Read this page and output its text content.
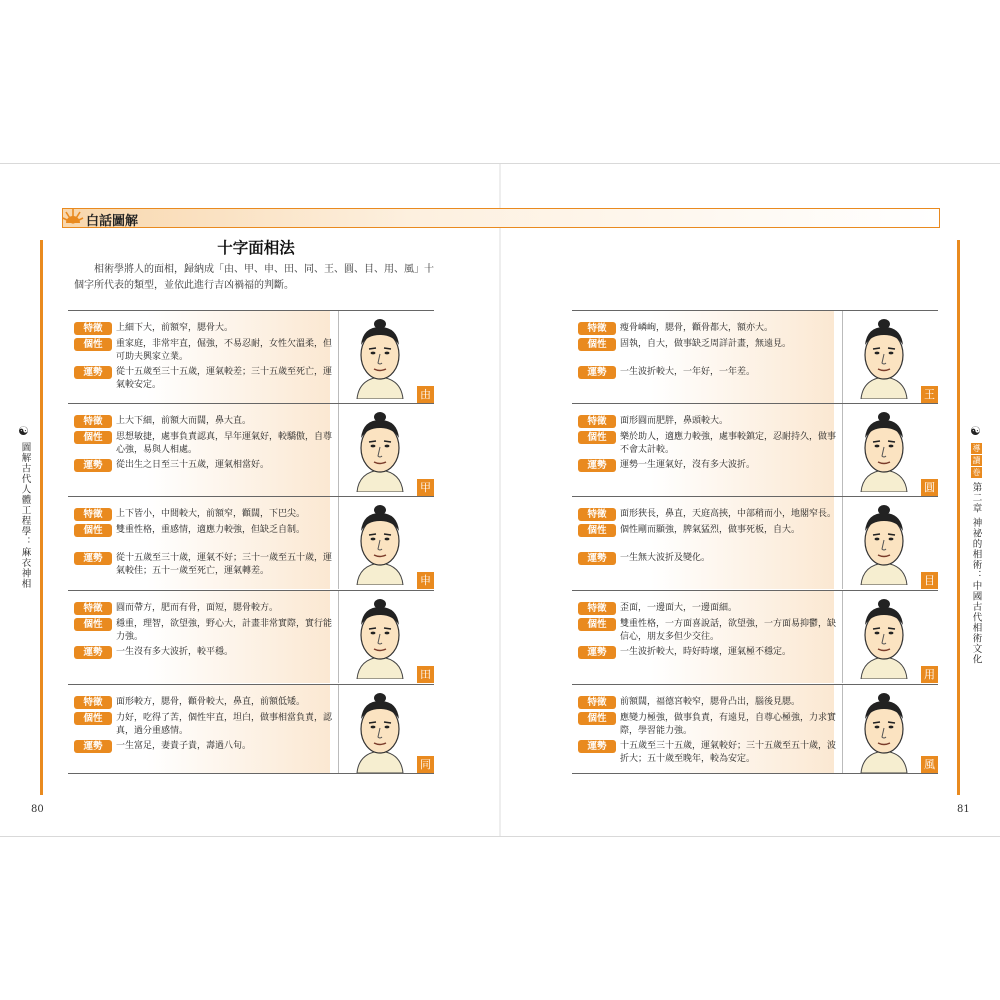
☯
圖解古代人體工程學：麻衣神相
☯
導
讀
卷
第二章 神祕的相術：中國古代相術文化
白話圖解
十字面相法
相術學將人的面相，歸納成「由、甲、申、田、同、王、圓、目、用、風」十個字所代表的類型，並依此進行吉凶禍福的判斷。
由
特徵	上細下大，前額窄，腮骨大。
個性	重家庭，非常牢直，倔強，不易忍耐，女性欠溫柔，但可助夫興家立業。
運勢	從十五歲至三十五歲，運氣較差；三十五歲至死亡，運氣較安定。
甲
特徵	上大下細，前額大而闊，鼻大直。
個性	思想敏捷，處事負責認真，早年運氣好，較驕傲，自尊心強，易與人相處。
運勢	從出生之日至三十五歲，運氣相當好。
申
特徵	上下皆小，中間較大，前額窄，顴闊，下巴尖。
個性	雙重性格，重感情，適應力較強，但缺乏自制。
運勢	從十五歲至三十歲，運氣不好；三十一歲至五十歲，運氣較佳；五十一歲至死亡，運氣轉差。
田
特徵	圓而帶方，肥而有骨，面短，腮骨較方。
個性	穩重，理智，欲望強，野心大，計畫非常實際，實行能力強。
運勢	一生沒有多大波折，較平穩。
同
特徵	面形較方，腮骨，顴骨較大，鼻直，前額低矮。
個性	力好，吃得了苦，個性牢直，坦白，做事相當負責，認真，過分重感情。
運勢	一生富足，妻貴子貴，壽過八旬。
王
特徵	瘦骨嶙峋，腮骨，顴骨都大，額亦大。
個性	固執，自大，做事缺乏周詳計畫，無遠見。
運勢	一生波折較大，一年好，一年差。
圓
特徵	面形圓而肥胖，鼻頭較大。
個性	樂於助人，適應力較強，處事較鎮定，忍耐持久，做事不會太計較。
運勢	運勢一生運氣好，沒有多大波折。
目
特徵	面形狹長，鼻直，天庭高挾，中部稍而小，地閣窄長。
個性	個性剛而顯強，脾氣猛烈，做事死板，自大。
運勢	一生無大波折及變化。
用
特徵	歪面，一邊面大，一邊面細。
個性	雙重性格，一方面喜說話，欲望強，一方面易抑鬱，缺信心，朋友多但少交往。
運勢	一生波折較大，時好時壞，運氣極不穩定。
風
特徵	前額闊，福德宮較窄，腮骨凸出，腦後見腮。
個性	應變力極強，做事負責，有遠見，自尊心極強，力求實際，學習能力強。
運勢	十五歲至三十五歲，運氣較好；三十五歲至五十歲，波折大；五十歲至晚年，較為安定。
80	81
